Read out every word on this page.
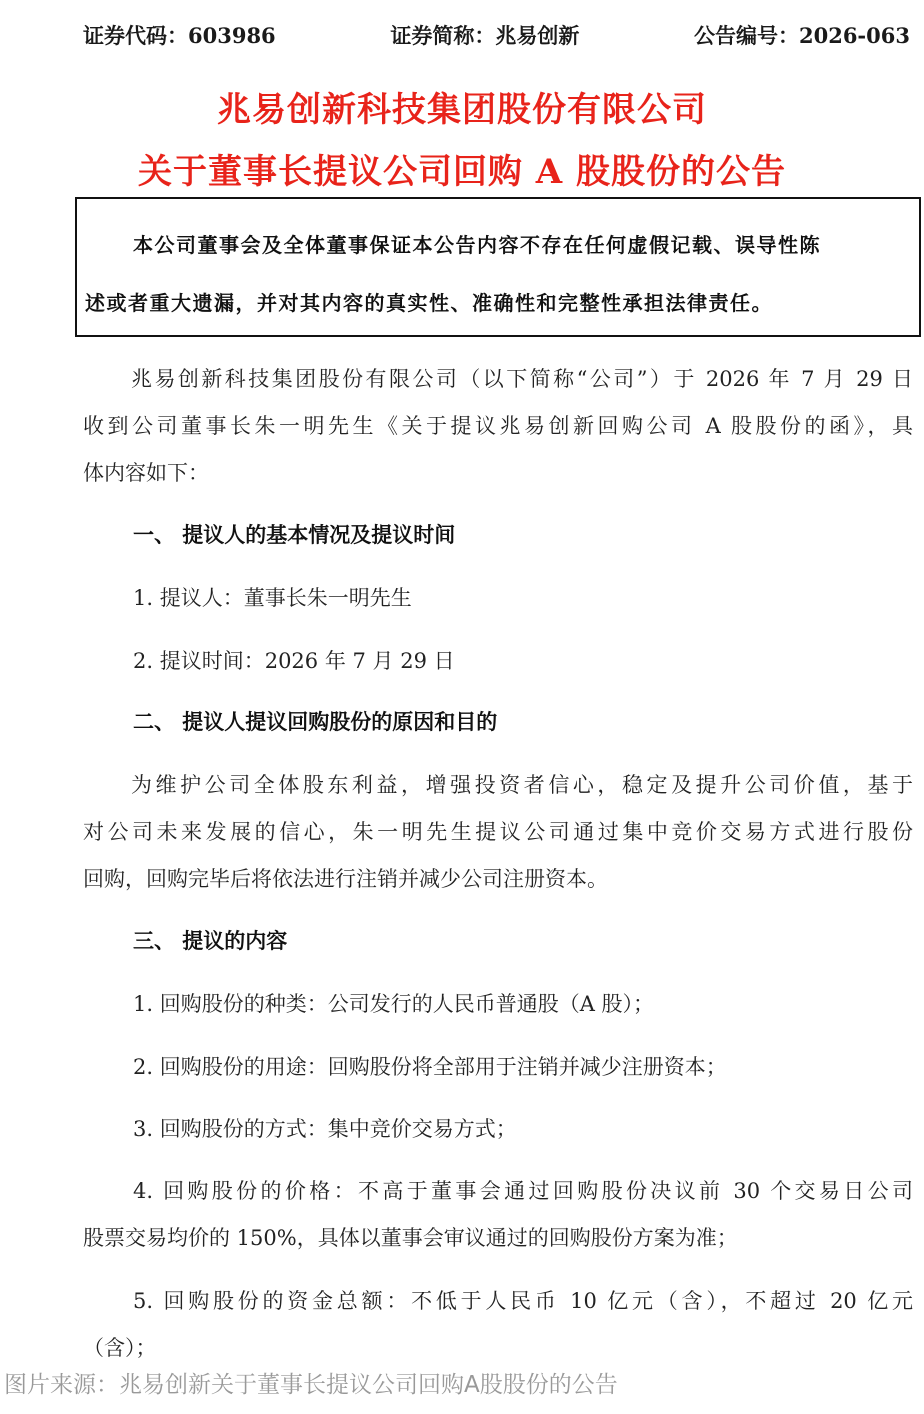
证券代码：603986	证券简称：兆易创新	公告编号：2026-063
兆易创新科技集团股份有限公司
关于董事长提议公司回购 A 股股份的公告
本公司董事会及全体董事保证本公告内容不存在任何虚假记载、误导性陈
述或者重大遗漏，并对其内容的真实性、准确性和完整性承担法律责任。
兆易创新科技集团股份有限公司（以下简称“公司”）于 2026 年 7 月 29 日
收到公司董事长朱一明先生《关于提议兆易创新回购公司 A 股股份的函》，具
体内容如下：
一、 提议人的基本情况及提议时间
1. 提议人：董事长朱一明先生
2. 提议时间：2026 年 7 月 29 日
二、 提议人提议回购股份的原因和目的
为维护公司全体股东利益，增强投资者信心，稳定及提升公司价值，基于
对公司未来发展的信心，朱一明先生提议公司通过集中竞价交易方式进行股份
回购，回购完毕后将依法进行注销并减少公司注册资本。
三、 提议的内容
1. 回购股份的种类：公司发行的人民币普通股（A 股）；
2. 回购股份的用途：回购股份将全部用于注销并减少注册资本；
3. 回购股份的方式：集中竞价交易方式；
4. 回购股份的价格：不高于董事会通过回购股份决议前 30 个交易日公司
股票交易均价的 150%，具体以董事会审议通过的回购股份方案为准；
5. 回购股份的资金总额：不低于人民币 10 亿元（含），不超过 20 亿元
（含）；
图片来源：兆易创新关于董事长提议公司回购A股股份的公告
